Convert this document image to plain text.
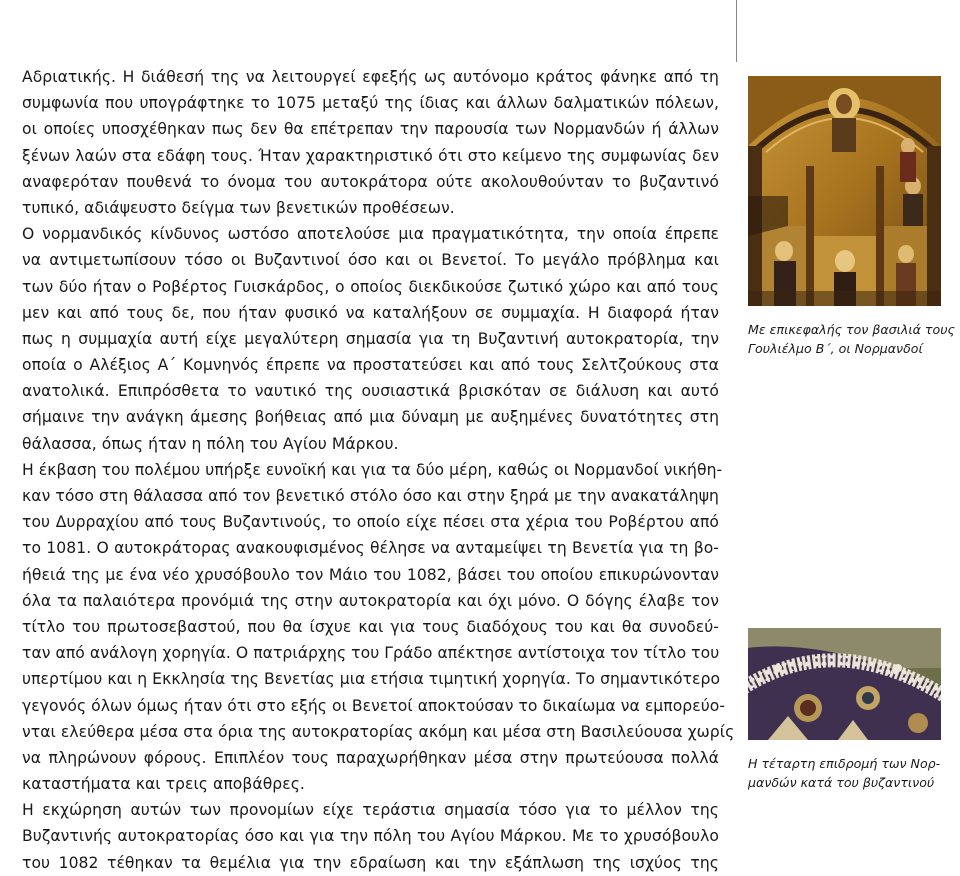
Αδριατικής. Η διάθεσή της να λειτουργεί εφεξής ως αυτόνομο κράτος φάνηκε από τη
συμφωνία που υπογράφτηκε το 1075 μεταξύ της ίδιας και άλλων δαλματικών πόλεων,
οι οποίες υποσχέθηκαν πως δεν θα επέτρεπαν την παρουσία των Νορμανδών ή άλλων
ξένων λαών στα εδάφη τους. Ήταν χαρακτηριστικό ότι στο κείμενο της συμφωνίας δεν
αναφερόταν πουθενά το όνομα του αυτοκράτορα ούτε ακολουθούνταν το βυζαντινό
τυπικό, αδιάψευστο δείγμα των βενετικών προθέσεων.
Ο νορμανδικός κίνδυνος ωστόσο αποτελούσε μια πραγματικότητα, την οποία έπρεπε
να αντιμετωπίσουν τόσο οι Βυζαντινοί όσο και οι Βενετοί. Το μεγάλο πρόβλημα και
των δύο ήταν ο Ροβέρτος Γυισκάρδος, ο οποίος διεκδικούσε ζωτικό χώρο και από τους
μεν και από τους δε, που ήταν φυσικό να καταλήξουν σε συμμαχία. Η διαφορά ήταν
πως η συμμαχία αυτή είχε μεγαλύτερη σημασία για τη Βυζαντινή αυτοκρατορία, την
οποία ο Αλέξιος Α΄ Κομνηνός έπρεπε να προστατεύσει και από τους Σελτζούκους στα
ανατολικά. Επιπρόσθετα το ναυτικό της ουσιαστικά βρισκόταν σε διάλυση και αυτό
σήμαινε την ανάγκη άμεσης βοήθειας από μια δύναμη με αυξημένες δυνατότητες στη
θάλασσα, όπως ήταν η πόλη του Αγίου Μάρκου.
Η έκβαση του πολέμου υπήρξε ευνοϊκή και για τα δύο μέρη, καθώς οι Νορμανδοί νικήθη-
καν τόσο στη θάλασσα από τον βενετικό στόλο όσο και στην ξηρά με την ανακατάληψη
του Δυρραχίου από τους Βυζαντινούς, το οποίο είχε πέσει στα χέρια του Ροβέρτου από
το 1081. Ο αυτοκράτορας ανακουφισμένος θέλησε να ανταμείψει τη Βενετία για τη βο-
ήθειά της με ένα νέο χρυσόβουλο τον Μάιο του 1082, βάσει του οποίου επικυρώνονταν
όλα τα παλαιότερα προνόμιά της στην αυτοκρατορία και όχι μόνο. Ο δόγης έλαβε τον
τίτλο του πρωτοσεβαστού, που θα ίσχυε και για τους διαδόχους του και θα συνοδεύ-
ταν από ανάλογη χορηγία. Ο πατριάρχης του Γράδο απέκτησε αντίστοιχα τον τίτλο του
υπερτίμου και η Εκκλησία της Βενετίας μια ετήσια τιμητική χορηγία. Το σημαντικότερο
γεγονός όλων όμως ήταν ότι στο εξής οι Βενετοί αποκτούσαν το δικαίωμα να εμπορεύο-
νται ελεύθερα μέσα στα όρια της αυτοκρατορίας ακόμη και μέσα στη Βασιλεύουσα χωρίς
να πληρώνουν φόρους. Επιπλέον τους παραχωρήθηκαν μέσα στην πρωτεύουσα πολλά
καταστήματα και τρεις αποβάθρες.
Η εκχώρηση αυτών των προνομίων είχε τεράστια σημασία τόσο για το μέλλον της
Βυζαντινής αυτοκρατορίας όσο και για την πόλη του Αγίου Μάρκου. Με το χρυσόβουλο
του 1082 τέθηκαν τα θεμέλια για την εδραίωση και την εξάπλωση της ισχύος της
Με επικεφαλής τον βασιλιά τους
Γουλιέλμο Β΄, οι Νορμανδοί
Η τέταρτη επιδρομή των Νορ-
μανδών κατά του βυζαντινού
